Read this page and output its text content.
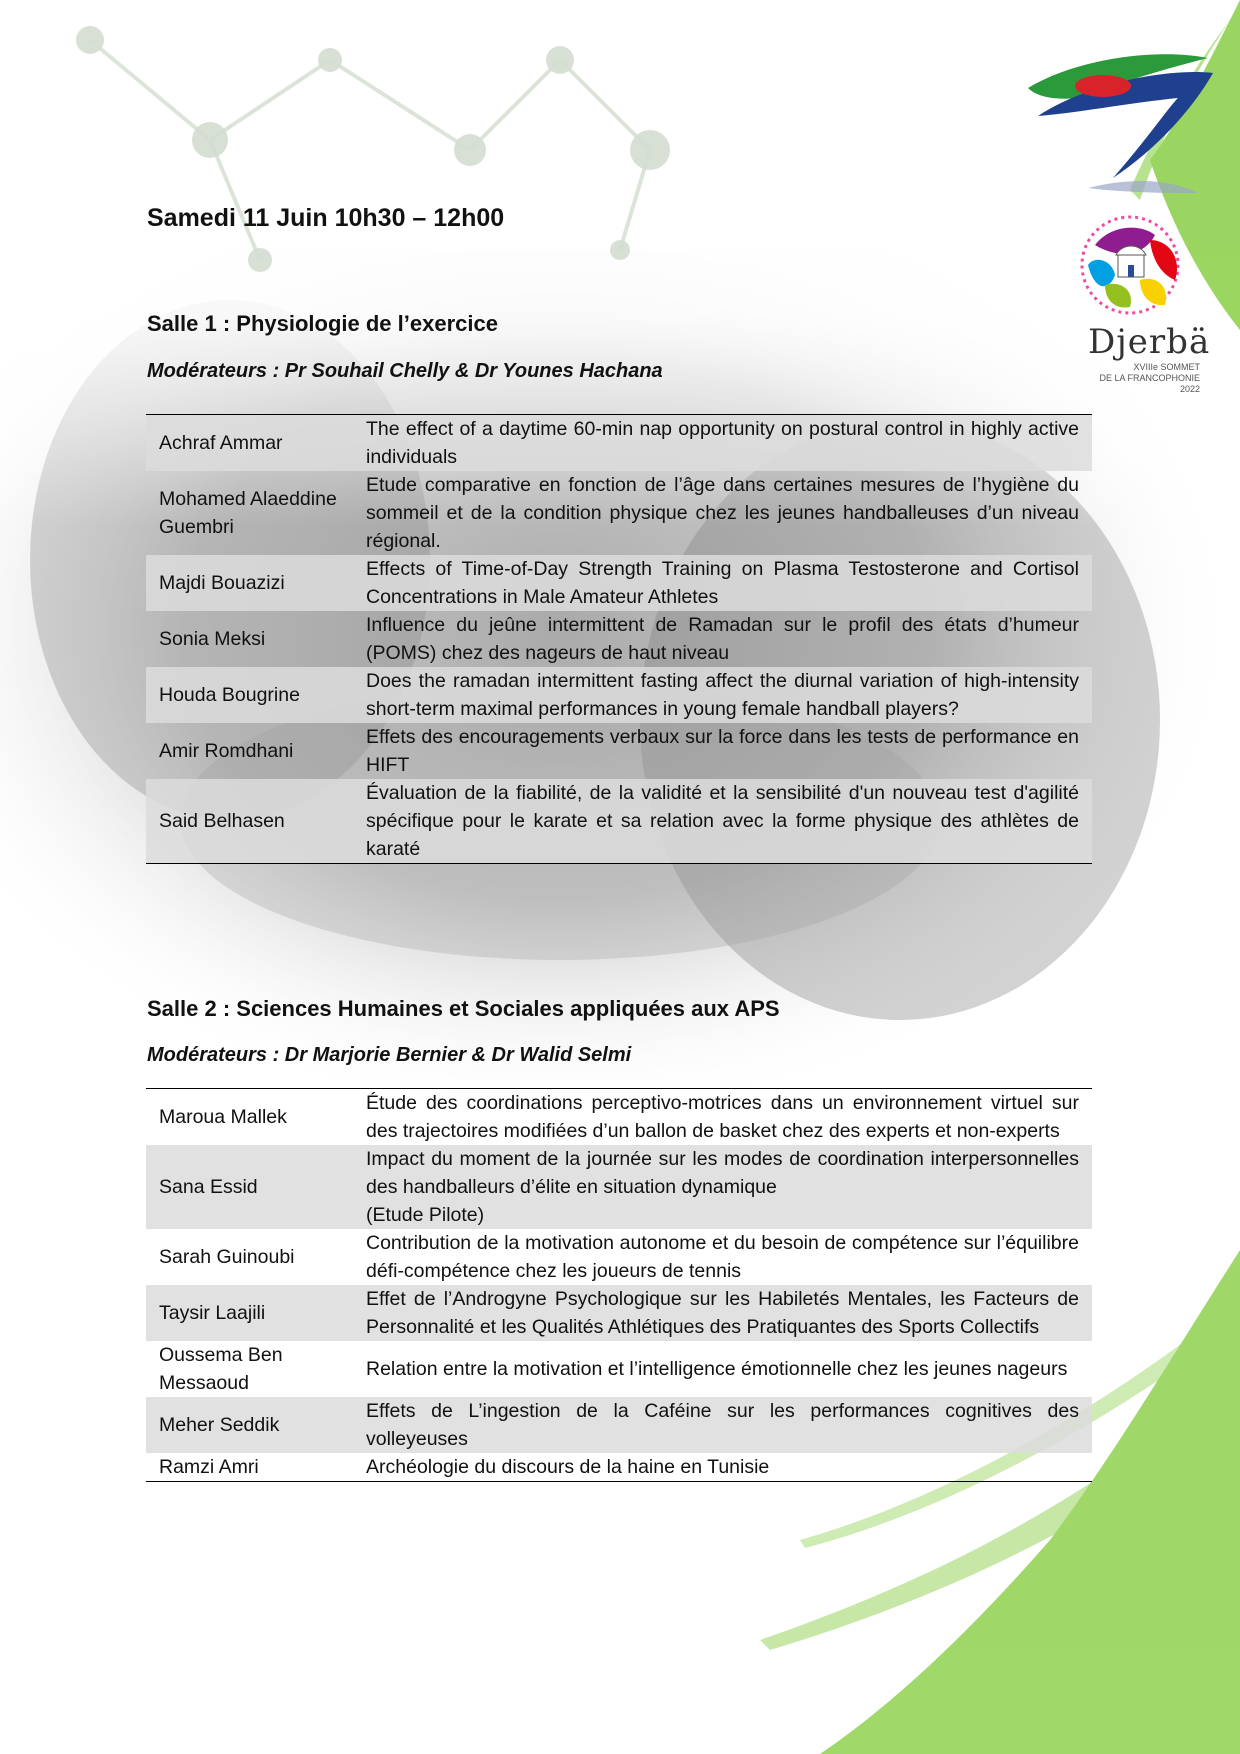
Djerbä
XVIIIe SOMMET
DE LA FRANCOPHONIE 2022
Samedi 11 Juin 10h30 – 12h00
Salle 1 : Physiologie de l’exercice

Modérateurs : Pr Souhail Chelly & Dr Younes Hachana

Achraf Ammar	The effect of a daytime 60-min nap opportunity on postural control in highly active individuals
Mohamed Alaeddine Guembri	Etude comparative en fonction de l’âge dans certaines mesures de l’hygiène du sommeil et de la condition physique chez les jeunes handballeuses d’un niveau régional.
Majdi Bouazizi	Effects of Time-of-Day Strength Training on Plasma Testosterone and Cortisol Concentrations in Male Amateur Athletes
Sonia Meksi	Influence du jeûne intermittent de Ramadan sur le profil des états d’humeur (POMS) chez des nageurs de haut niveau
Houda Bougrine	Does the ramadan intermittent fasting affect the diurnal variation of high-intensity short-term maximal performances in young female handball players?
Amir Romdhani	Effets des encouragements verbaux sur la force dans les tests de performance en HIFT
Said Belhasen	Évaluation de la fiabilité, de la validité et la sensibilité d'un nouveau test d'agilité spécifique pour le karate et sa relation avec la forme physique des athlètes de karaté
Salle 2 : Sciences Humaines et Sociales appliquées aux APS

Modérateurs : Dr Marjorie Bernier & Dr Walid Selmi

Maroua Mallek	Étude des coordinations perceptivo-motrices dans un environnement virtuel sur des trajectoires modifiées d’un ballon de basket chez des experts et non-experts
Sana Essid	Impact du moment de la journée sur les modes de coordination interpersonnelles des handballeurs d’élite en situation dynamique
(Etude Pilote)
Sarah Guinoubi	Contribution de la motivation autonome et du besoin de compétence sur l’équilibre défi-compétence chez les joueurs de tennis
Taysir Laajili	Effet de l’Androgyne Psychologique sur les Habiletés Mentales, les Facteurs de Personnalité et les Qualités Athlétiques des Pratiquantes des Sports Collectifs
Oussema Ben Messaoud	Relation entre la motivation et l’intelligence émotionnelle chez les jeunes nageurs
Meher Seddik	Effets de L’ingestion de la Caféine sur les performances cognitives des volleyeuses
Ramzi Amri	Archéologie du discours de la haine en Tunisie
